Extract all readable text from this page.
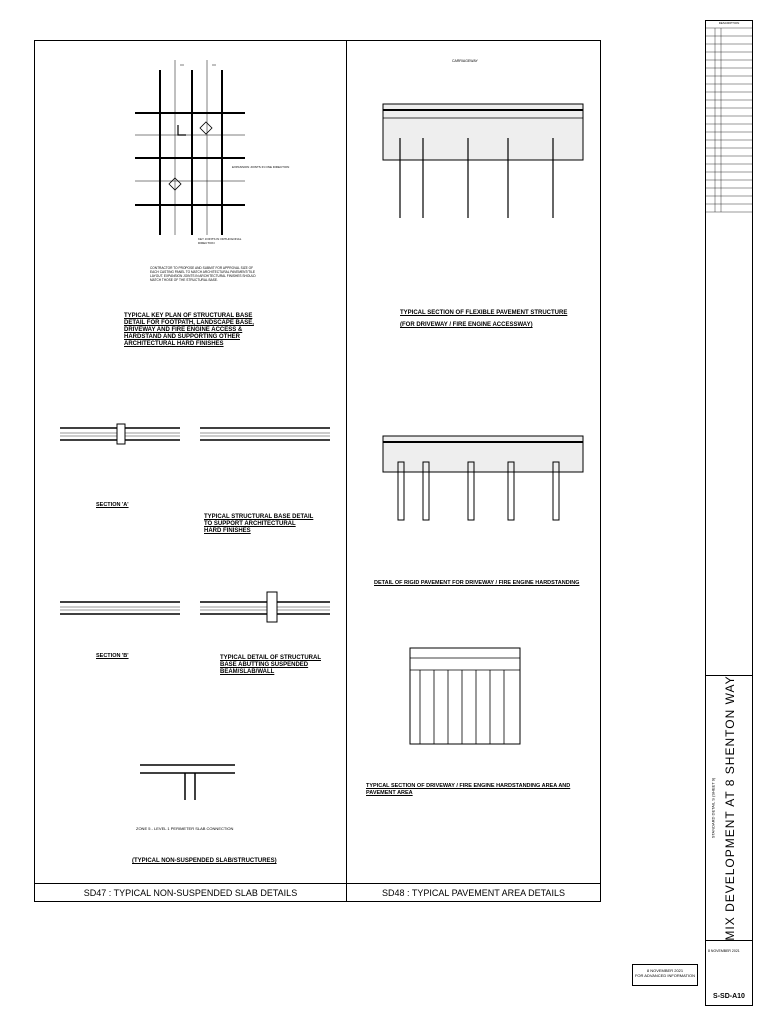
SD47 : TYPICAL NON-SUSPENDED SLAB DETAILS
EXPANSION JOINTS IN ONE DIRECTION
KEY JOINTS IN ORTHOGONAL DIRECTION
CONTRACTOR TO PROPOSE AND SUBMIT FOR APPROVAL SIZE OF EACH CASTING PANEL TO MATCH ARCHITECTURAL PAVEMENT/TILE LAYOUT. EXPANSION JOINTS IN ARCHITECTURAL FINISHES SHOULD MATCH THOSE OF THE STRUCTURAL BASE.
TYPICAL KEY PLAN OF STRUCTURAL BASE DETAIL FOR FOOTPATH, LANDSCAPE BASE, DRIVEWAY AND FIRE ENGINE ACCESS & HARDSTAND AND SUPPORTING OTHER ARCHITECTURAL HARD FINISHES
SECTION 'A'
TYPICAL STRUCTURAL BASE DETAIL TO SUPPORT ARCHITECTURAL HARD FINISHES
SECTION 'B'	TYPICAL DETAIL OF STRUCTURAL BASE ABUTTING SUSPENDED BEAM/SLAB/WALL
ZONE 5 - LEVEL 1 PERIMETER SLAB CONNECTION
(TYPICAL NON-SUSPENDED SLAB/STRUCTURES)
SD48 : TYPICAL PAVEMENT AREA DETAILS
CARRIAGEWAY
TYPICAL SECTION OF FLEXIBLE PAVEMENT STRUCTURE
(FOR DRIVEWAY / FIRE ENGINE ACCESSWAY)
DETAIL OF RIGID PAVEMENT FOR DRIVEWAY / FIRE ENGINE HARDSTANDING
TYPICAL SECTION OF DRIVEWAY / FIRE ENGINE HARDSTANDING AREA AND PAVEMENT AREA
8 NOVEMBER 2021
FOR ADVANCED INFORMATION
DESCRIPTION
MIX DEVELOPMENT AT 8 SHENTON WAY
STANDARD DETAIL S (SHEET 9)
8 NOVEMBER 2021
S-SD-A10
